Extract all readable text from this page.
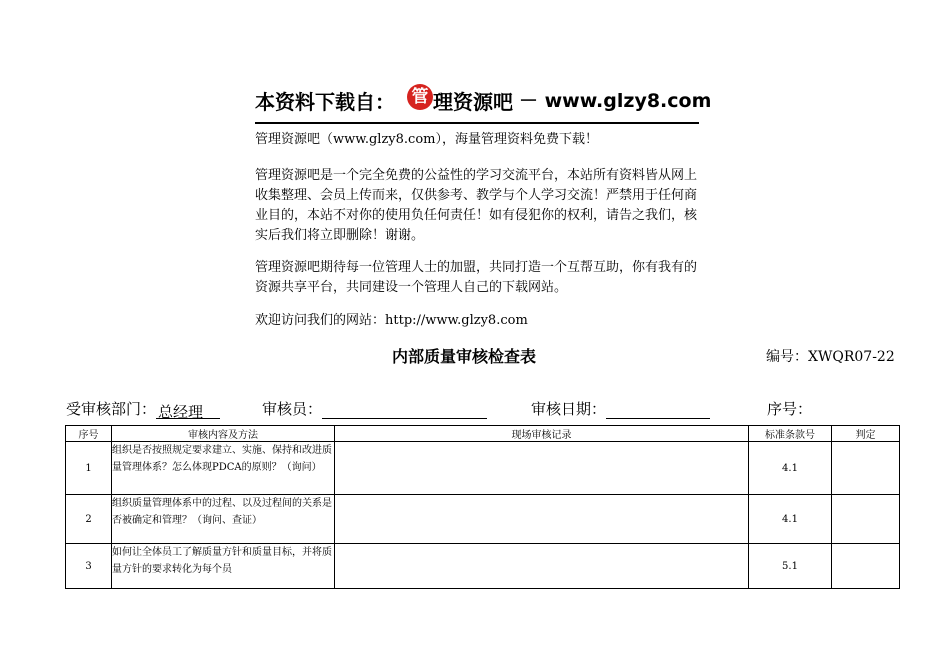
本资料下载自： 管 理资源吧 － www.glzy8.com
管理资源吧（www.glzy8.com），海量管理资料免费下载！
管理资源吧是一个完全免费的公益性的学习交流平台，本站所有资料皆从网上收集整理、会员上传而来，仅供参考、教学与个人学习交流！严禁用于任何商业目的，本站不对你的使用负任何责任！如有侵犯你的权利，请告之我们，核实后我们将立即删除！谢谢。
管理资源吧期待每一位管理人士的加盟，共同打造一个互帮互助，你有我有的资源共享平台，共同建设一个管理人自己的下载网站。
欢迎访问我们的网站：http://www.glzy8.com
内部质量审核检查表	编号：XWQR07-22
受审核部门： 总经理	审核员：	审核日期：	序号：
序号	审核内容及方法	现场审核记录	标准条款号	判定
1	组织是否按照规定要求建立、实施、保持和改进质量管理体系？怎么体现PDCA的原则？（询问）		4.1	
2	组织质量管理体系中的过程、以及过程间的关系是否被确定和管理？（询问、查证）		4.1	
3	如何让全体员工了解质量方针和质量目标，并将质量方针的要求转化为每个员		5.1	
